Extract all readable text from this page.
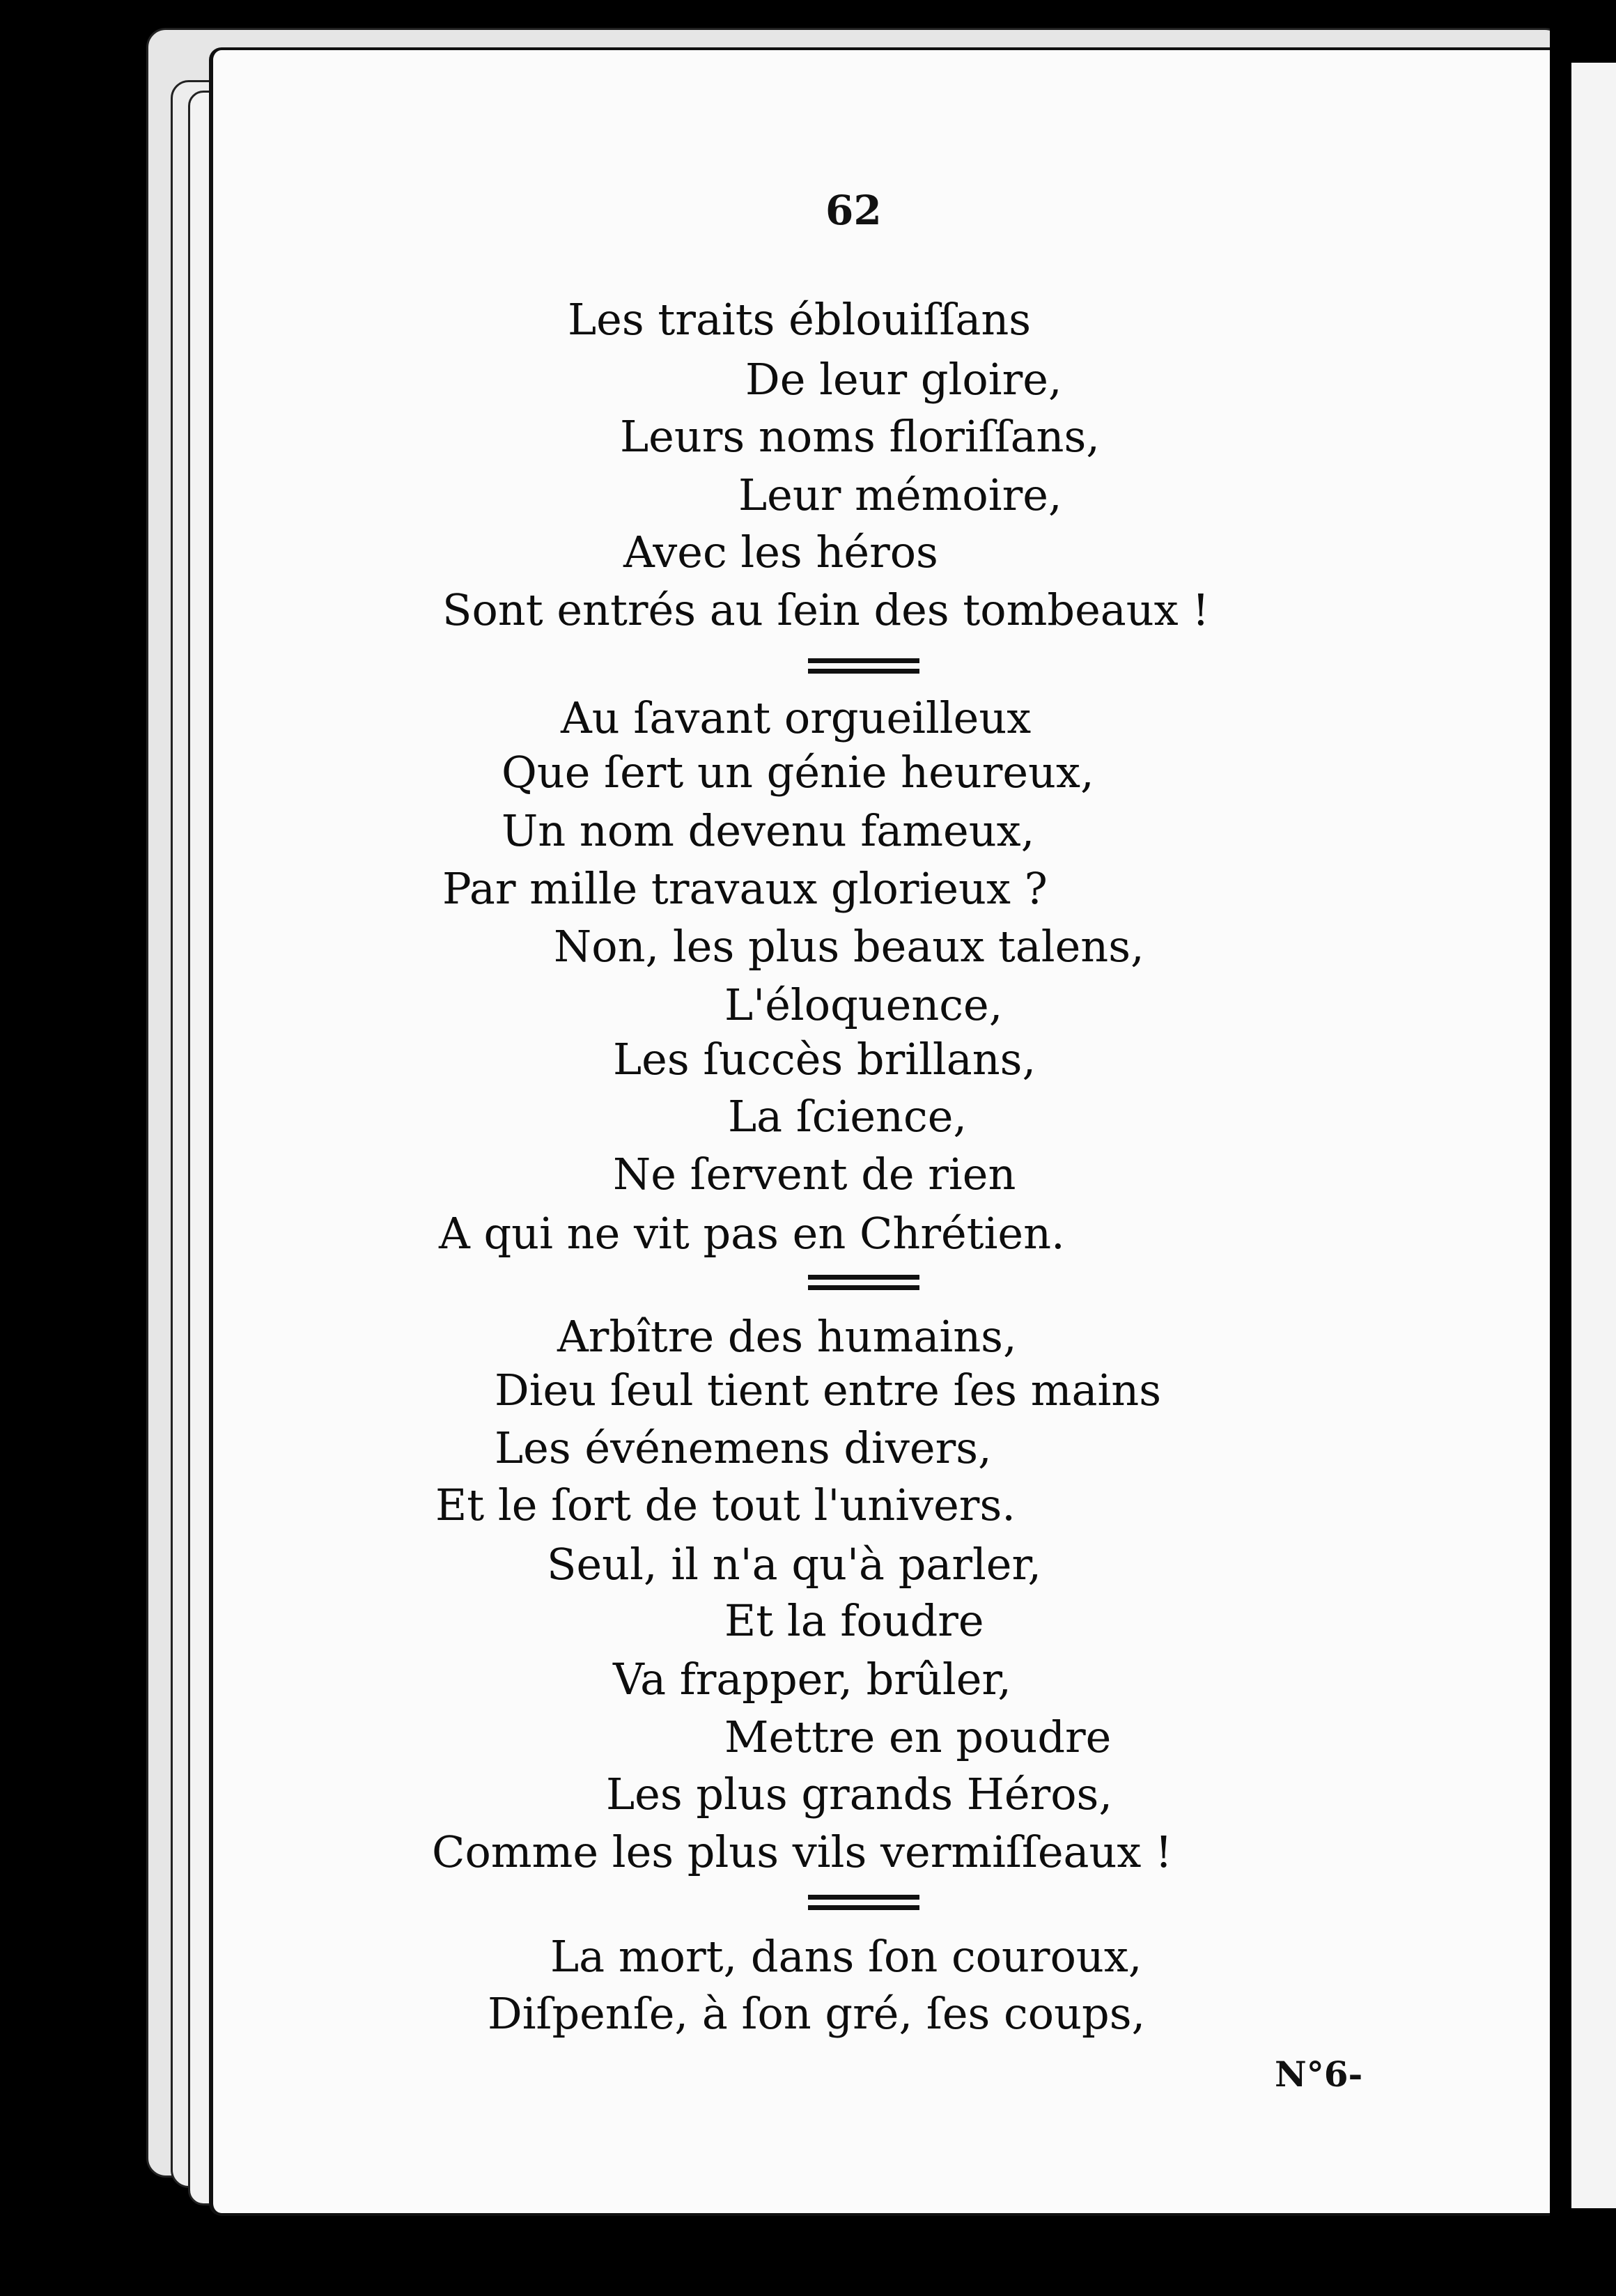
62
Les traits éblouiſſans
De leur gloire,
Leurs noms floriſſans,
Leur mémoire,
Avec les héros
Sont entrés au ſein des tombeaux !
Au ſavant orgueilleux
Que ſert un génie heureux,
Un nom devenu fameux,
Par mille travaux glorieux ?
Non, les plus beaux talens,
L'éloquence,
Les ſuccès brillans,
La ſcience,
Ne ſervent de rien
A qui ne vit pas en Chrétien.
Arbître des humains,
Dieu ſeul tient entre ſes mains
Les événemens divers,
Et le ſort de tout l'univers.
Seul, il n'a qu'à parler,
Et la foudre
Va frapper, brûler,
Mettre en poudre
Les plus grands Héros,
Comme les plus vils vermiſſeaux !
La mort, dans ſon couroux,
Diſpenſe, à ſon gré, ſes coups,
N°6-
